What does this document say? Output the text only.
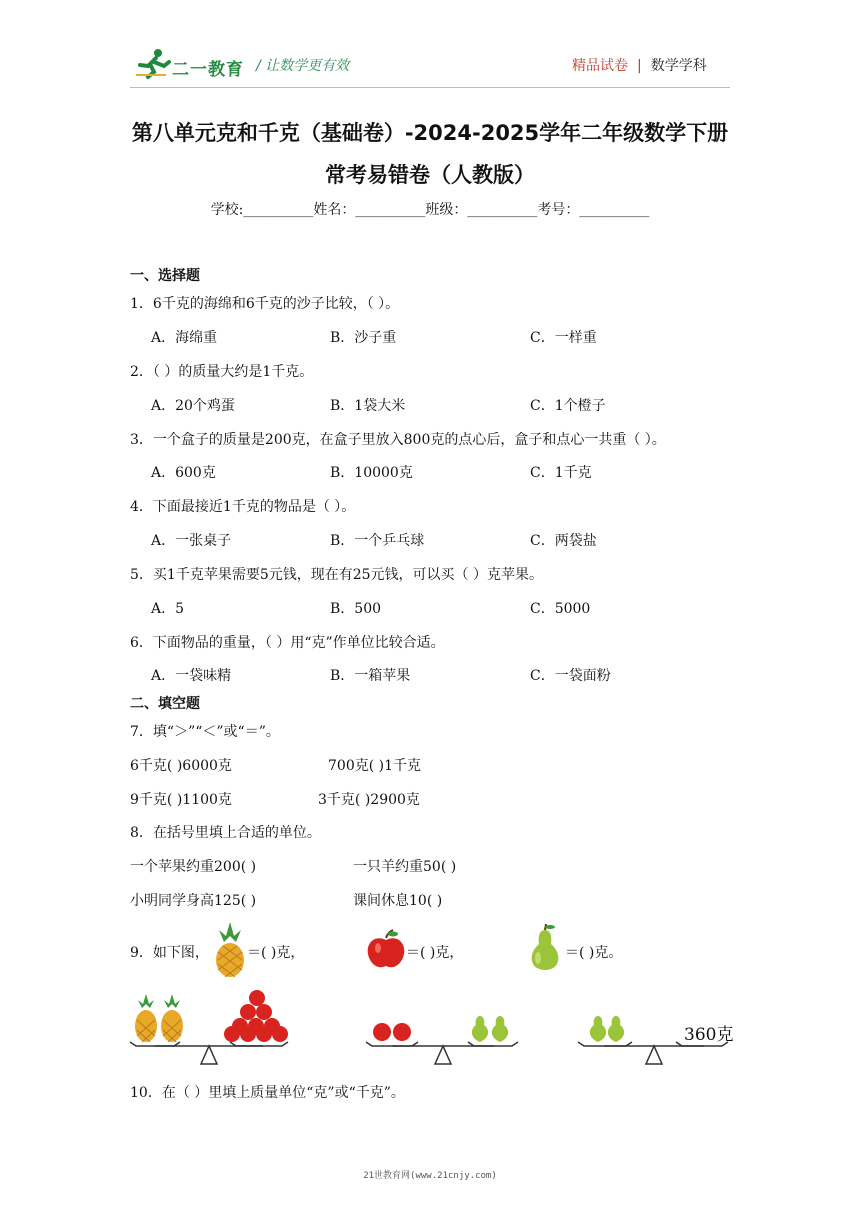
二一教育 / 让数学更有效	精品试卷 | 数学学科
第八单元克和千克（基础卷）-2024-2025学年二年级数学下册
常考易错卷（人教版）
学校:__________姓名：__________班级：__________考号：__________
一、选择题
1．6千克的海绵和6千克的沙子比较，（ ）。
A．海绵重	B．沙子重	C．一样重
2．（ ）的质量大约是1千克。
A．20个鸡蛋	B．1袋大米	C．1个橙子
3．一个盒子的质量是200克，在盒子里放入800克的点心后，盒子和点心一共重（ ）。
A．600克	B．10000克	C．1千克
4．下面最接近1千克的物品是（ ）。
A．一张桌子	B．一个乒乓球	C．两袋盐
5．买1千克苹果需要5元钱，现在有25元钱，可以买（ ）克苹果。
A．5	B．500	C．5000
6．下面物品的重量，（ ）用“克”作单位比较合适。
A．一袋味精	B．一箱苹果	C．一袋面粉
二、填空题
7．填“＞”“＜”或“＝”。
6千克( )6000克	700克( )1千克
9千克( )1100克	3千克( )2900克
8．在括号里填上合适的单位。
一个苹果约重200( )	一只羊约重50( )
小明同学身高125( )	课间休息10( )
9．如下图，	＝( )克，	＝( )克，	＝( )克。
360克
10．在（ ）里填上质量单位“克”或“千克”。
21世教育网(www.21cnjy.com)
